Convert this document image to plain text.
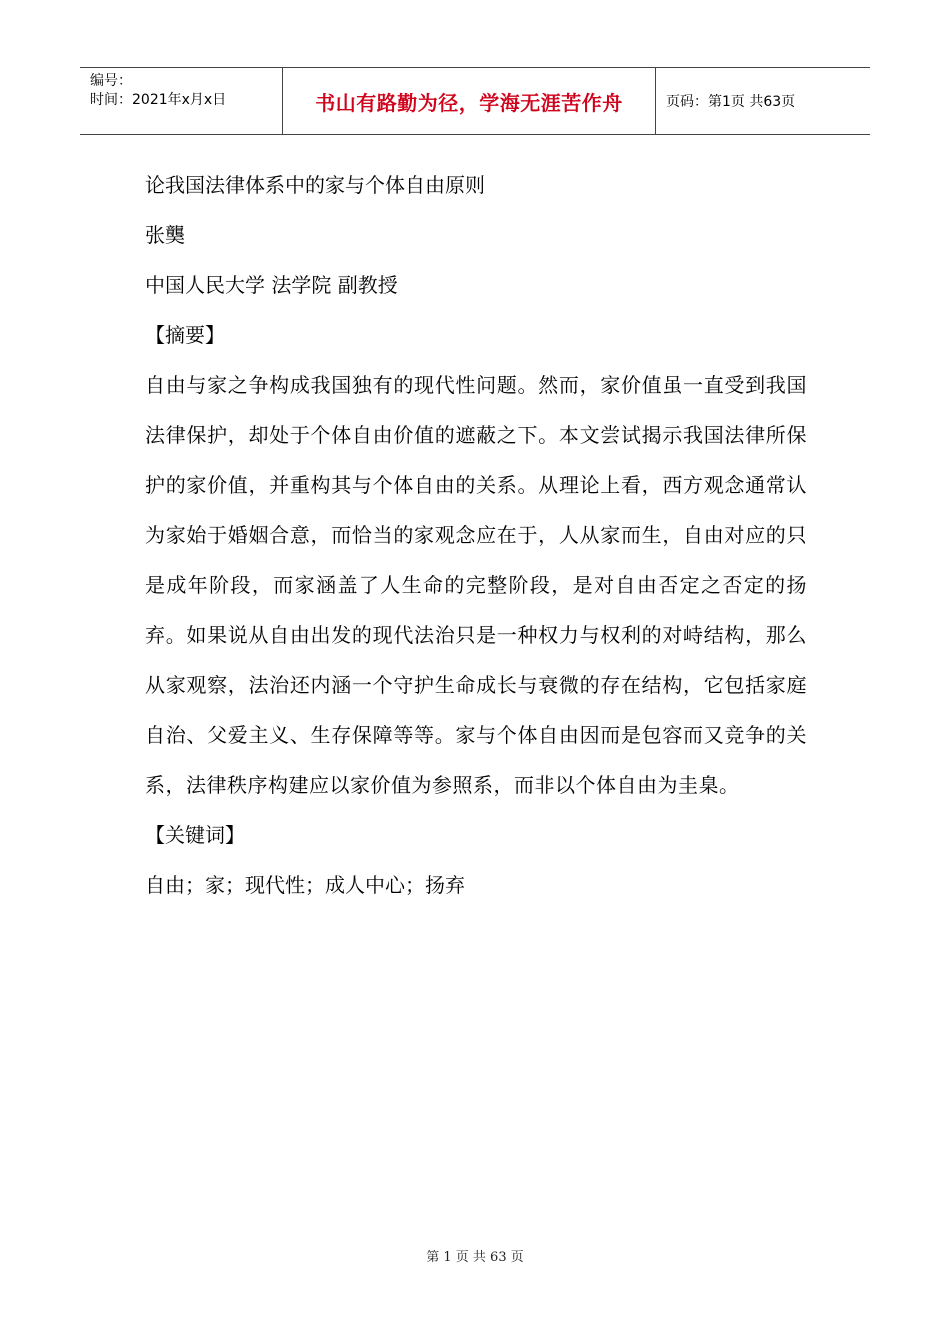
编号：
时间：2021年x月x日	书山有路勤为径，学海无涯苦作舟	页码：第1页 共63页
论我国法律体系中的家与个体自由原则
张龑
中国人民大学 法学院 副教授
【摘要】
自由与家之争构成我国独有的现代性问题。然而，家价值虽一直受到我国法律保护，却处于个体自由价值的遮蔽之下。本文尝试揭示我国法律所保护的家价值，并重构其与个体自由的关系。从理论上看，西方观念通常认为家始于婚姻合意，而恰当的家观念应在于，人从家而生，自由对应的只是成年阶段，而家涵盖了人生命的完整阶段，是对自由否定之否定的扬弃。如果说从自由出发的现代法治只是一种权力与权利的对峙结构，那么从家观察，法治还内涵一个守护生命成长与衰微的存在结构，它包括家庭自治、父爱主义、生存保障等等。家与个体自由因而是包容而又竞争的关系，法律秩序构建应以家价值为参照系，而非以个体自由为圭臬。
【关键词】
自由；家；现代性；成人中心；扬弃
第 1 页 共 63 页
